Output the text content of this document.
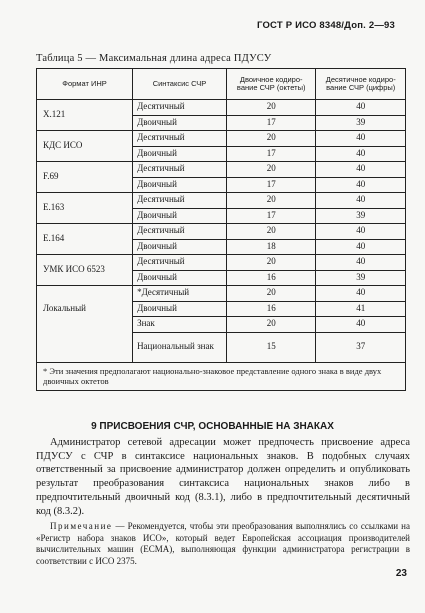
ГОСТ Р ИСО 8348/Доп. 2—93
Таблица 5 — Максимальная длина адреса ПДУСУ
Формат ИНР	Синтаксис СЧР	Двоичное кодиро-вание СЧР (октеты)	Десятичное кодиро-вание СЧР (цифры)
X.121	Десятичный	20	40
	Двоичный	17	39
КДС ИСО	Десятичный	20	40
	Двоичный	17	40
F.69	Десятичный	20	40
	Двоичный	17	40
E.163	Десятичный	20	40
	Двоичный	17	39
E.164	Десятичный	20	40
	Двоичный	18	40
УМК ИСО 6523	Десятичный	20	40
	Двоичный	16	39
Локальный	*Десятичный	20	40
	Двоичный	16	41
	Знак	20	40
	Национальный знак	15	37
* Эти значения предполагают национально-знаковое представление одного знака в виде двух двоичных октетов			
9 ПРИСВОЕНИЯ СЧР, ОСНОВАННЫЕ НА ЗНАКАХ
Администратор сетевой адресации может предпочесть присвоение адреса ПДУСУ с СЧР в синтаксисе национальных знаков. В подобных случаях ответственный за присвоение администратор должен определить и опубликовать результат преобразования синтаксиса национальных знаков либо в предпочтительный двоичный код (8.3.1), либо в предпочтительный десятичный код (8.3.2).
Примечание — Рекомендуется, чтобы эти преобразования выполнялись со ссылками на «Регистр набора знаков ИСО», который ведет Европейская ассоциация производителей вычислительных машин (ECMA), выполняющая функции администратора регистрации в соответствии с ИСО 2375.
23
